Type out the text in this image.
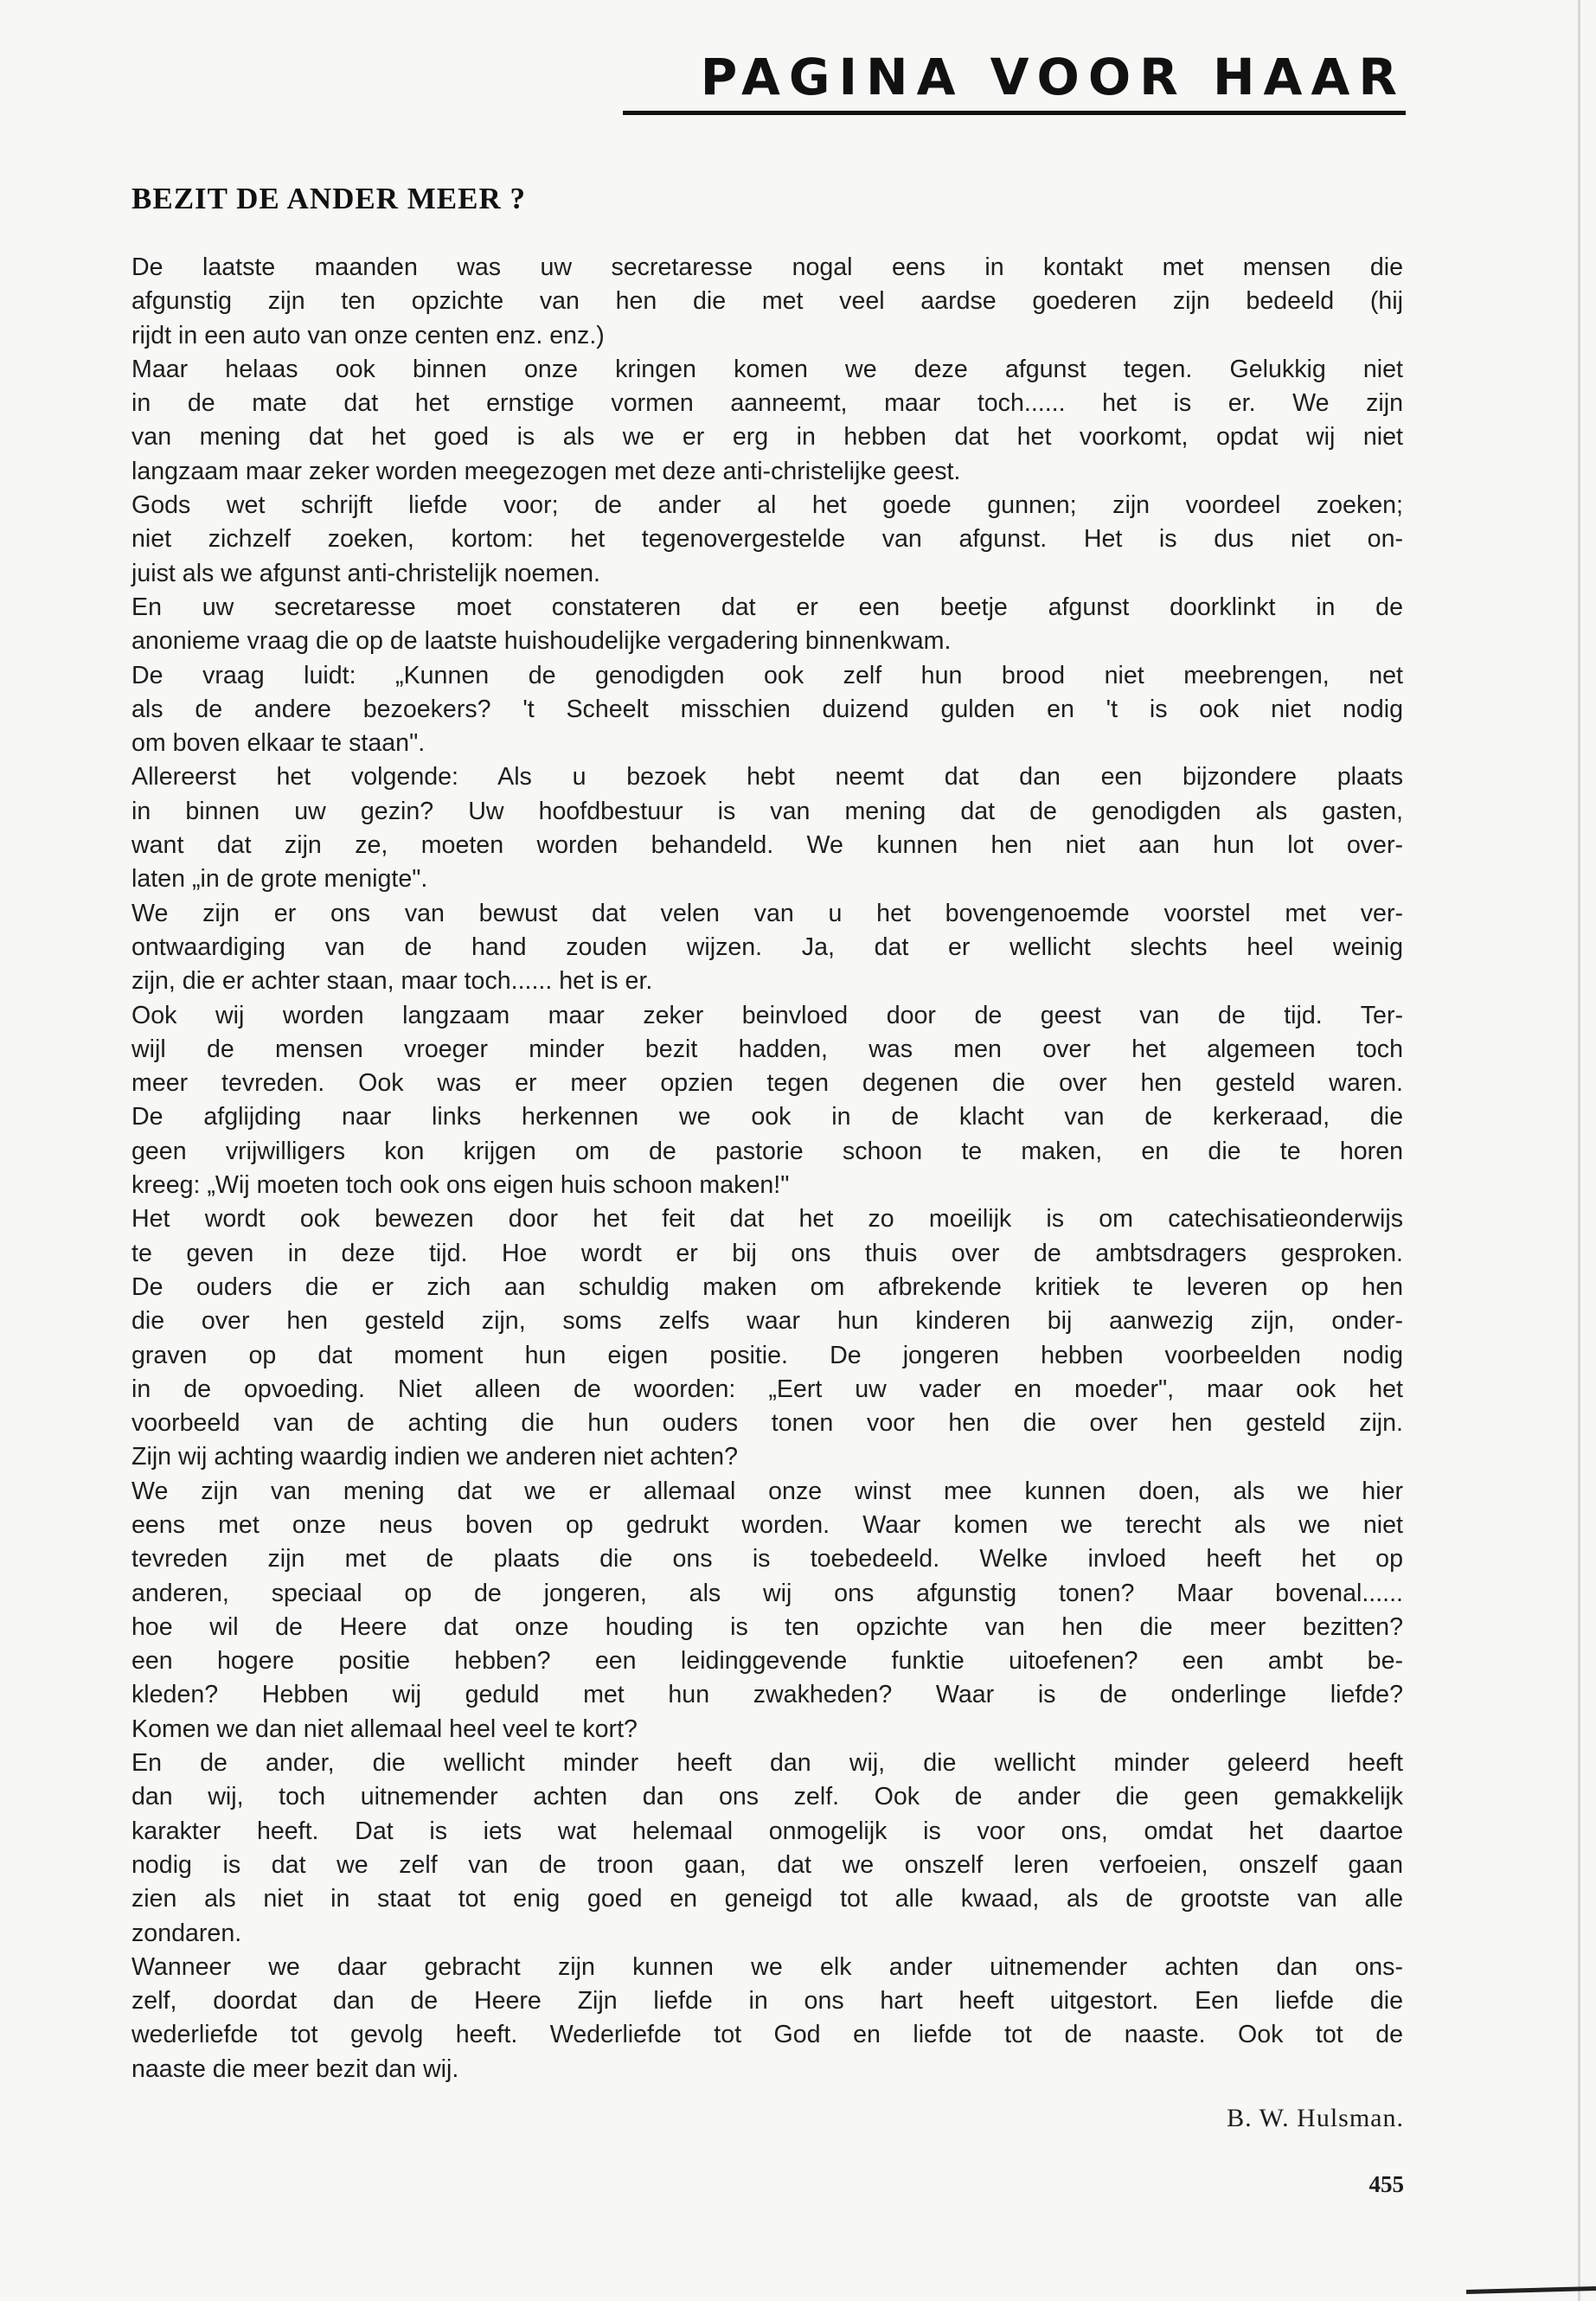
PAGINA VOOR HAAR
BEZIT DE ANDER MEER ?
De laatste maanden was uw secretaresse nogal eens in kontakt met mensen die
afgunstig zijn ten opzichte van hen die met veel aardse goederen zijn bedeeld (hij
rijdt in een auto van onze centen enz. enz.)
Maar helaas ook binnen onze kringen komen we deze afgunst tegen. Gelukkig niet
in de mate dat het ernstige vormen aanneemt, maar toch...... het is er. We zijn
van mening dat het goed is als we er erg in hebben dat het voorkomt, opdat wij niet
langzaam maar zeker worden meegezogen met deze anti-christelijke geest.
Gods wet schrijft liefde voor; de ander al het goede gunnen; zijn voordeel zoeken;
niet zichzelf zoeken, kortom: het tegenovergestelde van afgunst. Het is dus niet on-
juist als we afgunst anti-christelijk noemen.
En uw secretaresse moet constateren dat er een beetje afgunst doorklinkt in de
anonieme vraag die op de laatste huishoudelijke vergadering binnenkwam.
De vraag luidt: „Kunnen de genodigden ook zelf hun brood niet meebrengen, net
als de andere bezoekers? 't Scheelt misschien duizend gulden en 't is ook niet nodig
om boven elkaar te staan".
Allereerst het volgende: Als u bezoek hebt neemt dat dan een bijzondere plaats
in binnen uw gezin? Uw hoofdbestuur is van mening dat de genodigden als gasten,
want dat zijn ze, moeten worden behandeld. We kunnen hen niet aan hun lot over-
laten „in de grote menigte".
We zijn er ons van bewust dat velen van u het bovengenoemde voorstel met ver-
ontwaardiging van de hand zouden wijzen. Ja, dat er wellicht slechts heel weinig
zijn, die er achter staan, maar toch...... het is er.
Ook wij worden langzaam maar zeker beinvloed door de geest van de tijd. Ter-
wijl de mensen vroeger minder bezit hadden, was men over het algemeen toch
meer tevreden. Ook was er meer opzien tegen degenen die over hen gesteld waren.
De afglijding naar links herkennen we ook in de klacht van de kerkeraad, die
geen vrijwilligers kon krijgen om de pastorie schoon te maken, en die te horen
kreeg: „Wij moeten toch ook ons eigen huis schoon maken!"
Het wordt ook bewezen door het feit dat het zo moeilijk is om catechisatieonderwijs
te geven in deze tijd. Hoe wordt er bij ons thuis over de ambtsdragers gesproken.
De ouders die er zich aan schuldig maken om afbrekende kritiek te leveren op hen
die over hen gesteld zijn, soms zelfs waar hun kinderen bij aanwezig zijn, onder-
graven op dat moment hun eigen positie. De jongeren hebben voorbeelden nodig
in de opvoeding. Niet alleen de woorden: „Eert uw vader en moeder", maar ook het
voorbeeld van de achting die hun ouders tonen voor hen die over hen gesteld zijn.
Zijn wij achting waardig indien we anderen niet achten?
We zijn van mening dat we er allemaal onze winst mee kunnen doen, als we hier
eens met onze neus boven op gedrukt worden. Waar komen we terecht als we niet
tevreden zijn met de plaats die ons is toebedeeld. Welke invloed heeft het op
anderen, speciaal op de jongeren, als wij ons afgunstig tonen? Maar bovenal......
hoe wil de Heere dat onze houding is ten opzichte van hen die meer bezitten?
een hogere positie hebben? een leidinggevende funktie uitoefenen? een ambt be-
kleden? Hebben wij geduld met hun zwakheden? Waar is de onderlinge liefde?
Komen we dan niet allemaal heel veel te kort?
En de ander, die wellicht minder heeft dan wij, die wellicht minder geleerd heeft
dan wij, toch uitnemender achten dan ons zelf. Ook de ander die geen gemakkelijk
karakter heeft. Dat is iets wat helemaal onmogelijk is voor ons, omdat het daartoe
nodig is dat we zelf van de troon gaan, dat we onszelf leren verfoeien, onszelf gaan
zien als niet in staat tot enig goed en geneigd tot alle kwaad, als de grootste van alle
zondaren.
Wanneer we daar gebracht zijn kunnen we elk ander uitnemender achten dan ons-
zelf, doordat dan de Heere Zijn liefde in ons hart heeft uitgestort. Een liefde die
wederliefde tot gevolg heeft. Wederliefde tot God en liefde tot de naaste. Ook tot de
naaste die meer bezit dan wij.
B. W. Hulsman.
455
